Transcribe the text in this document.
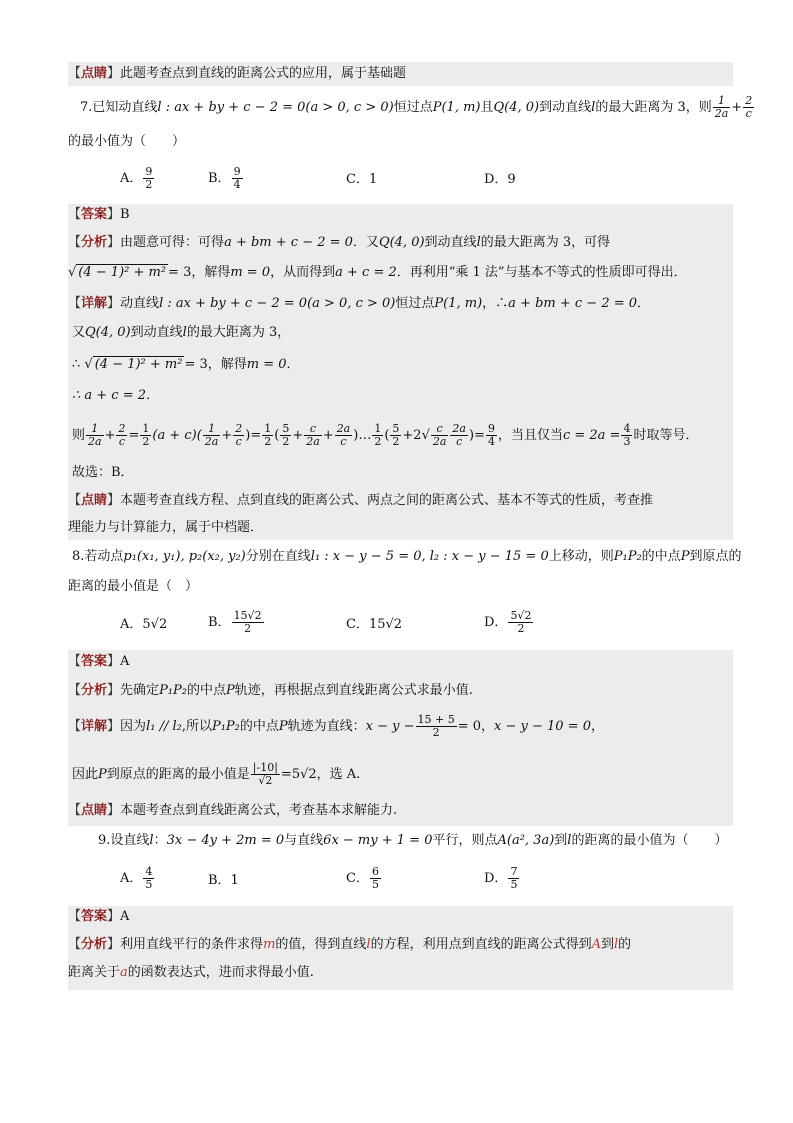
【点睛】此题考查点到直线的距离公式的应用，属于基础题
7.已知动直线l : ax + by + c − 2 = 0(a > 0, c > 0)恒过点P(1, m)且Q(4, 0)到动直线l的最大距离为 3，则 $\frac{1}{2a} + \frac{2}{c}$
的最小值为（　　）
A． $\frac{9}{2}$	B． $\frac{9}{4}$	C．1	D．9
【答案】B
【分析】由题意可得：可得a + bm + c − 2 = 0．又Q(4, 0)到动直线l的最大距离为 3，可得
√ (4 − 1)² + m² = 3，解得m = 0，从而得到a + c = 2．再利用“乘 1 法”与基本不等式的性质即可得出．
【详解】动直线l : ax + by + c − 2 = 0(a > 0, c > 0)恒过点P(1, m)，∴a + bm + c − 2 = 0．
又Q(4, 0)到动直线l的最大距离为 3，
∴ √ (4 − 1)² + m² = 3，解得m = 0．
∴ a + c = 2．
则 $\frac{1}{2a} + \frac{2}{c} = \frac{1}{2} (a + c)( \frac{1}{2a} + \frac{2}{c}$ )= $\frac{1}{2}$ ( $\frac{5}{2} + \frac{c}{2a} + \frac{2a}{c}$ )… $\frac{1}{2}$ ( $\frac{5}{2} +2√ \frac{c}{2a} \frac{2a}{c}$ )= $\frac{9}{4}$ ，当且仅当$c = 2a = \frac{4}{3}$ 时取等号．
故选：B．
【点睛】本题考查直线方程、点到直线的距离公式、两点之间的距离公式、基本不等式的性质，考查推
理能力与计算能力，属于中档题．
8.若动点p₁(x₁, y₁), p₂(x₂, y₂)分别在直线l₁ : x − y − 5 = 0, l₂ : x − y − 15 = 0上移动，则P₁P₂的中点P到原点的
距离的最小值是（　）
A．5√2	B． $\frac{15√2}{2}$	C．15√2	D． $\frac{5√2}{2}$
【答案】A
【分析】先确定P₁P₂的中点P轨迹，再根据点到直线距离公式求最小值.
【详解】因为l₁ // l₂,所以P₁P₂的中点P轨迹为直线：$x - y - \frac{15 + 5}{2} = 0$，x − y − 10 = 0，
因此P到原点的距离的最小值是 $\frac{|-10|}{√2} =5√2$，选 A.
【点睛】本题考查点到直线距离公式，考查基本求解能力.
9.设直线l：3x − 4y + 2m = 0与直线6x − my + 1 = 0平行，则点A(a², 3a)到l的距离的最小值为（　　）
A． $\frac{4}{5}$	B．1	C． $\frac{6}{5}$	D． $\frac{7}{5}$
【答案】A
【分析】利用直线平行的条件求得m的值，得到直线l的方程，利用点到直线的距离公式得到A到l的
距离关于a的函数表达式，进而求得最小值.
